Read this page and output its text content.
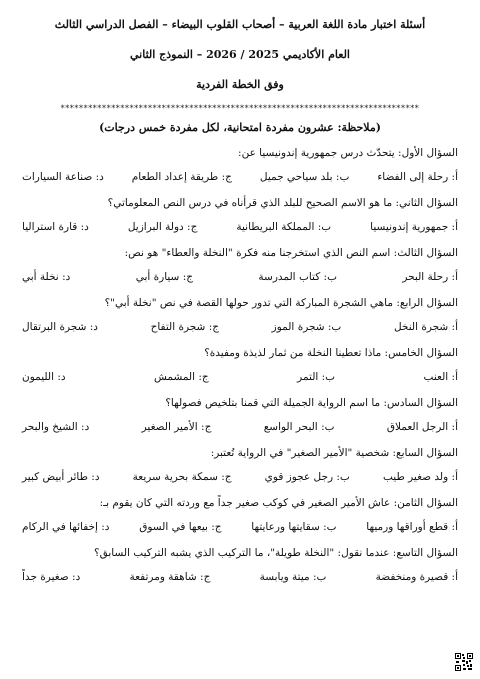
أسئلة اختبار مادة اللغة العربية – أصحاب القلوب البيضاء – الفصل الدراسي الثالث
العام الأكاديمي 2025 / 2026 – النموذج الثاني
وفق الخطة الفردية
******************************************************************************
(ملاحظة: عشرون مفردة امتحانية، لكل مفردة خمس درجات)
السؤال الأول: يتحدّث درس جمهورية إندونيسيا عن:
أ: رحلة إلى الفضاء
ب: بلد سياحي جميل
ج: طريقة إعداد الطعام
د: صناعة السيارات
السؤال الثاني: ما هو الاسم الصحيح للبلد الذي قرأناه في درس النص المعلوماتي؟
أ: جمهورية إندونيسيا
ب: المملكة البريطانية
ج: دولة البرازيل
د: قارة استراليا
السؤال الثالث: اسم النص الذي استخرجنا منه فكرة "النخلة والعطاء" هو نص:
أ: رحلة البحر
ب: كتاب المدرسة
ج: سيارة أبي
د: نخلة أبي
السؤال الرابع: ماهي الشجرة المباركة التي تدور حولها القصة في نص "نخلة أبي"؟
أ: شجرة النخل
ب: شجرة الموز
ج: شجرة التفاح
د: شجرة البرتقال
السؤال الخامس: ماذا تعطينا النخلة من ثمار لذيذة ومفيدة؟
أ: العنب
ب: التمر
ج: المشمش
د: الليمون
السؤال السادس: ما اسم الرواية الجميلة التي قمنا بتلخيص فصولها؟
أ: الرجل العملاق
ب: البحر الواسع
ج: الأمير الصغير
د: الشيخ والبحر
السؤال السابع: شخصية "الأمير الصغير" في الرواية تُعتبر:
أ: ولد صغير طيب
ب: رجل عجوز قوي
ج: سمكة بحرية سريعة
د: طائر أبيض كبير
السؤال الثامن: عاش الأمير الصغير في كوكب صغير جداً مع وردته التي كان يقوم بـ:
أ: قطع أوراقها ورميها
ب: سقايتها ورعايتها
ج: بيعها في السوق
د: إخفائها في الركام
السؤال التاسع: عندما نقول: "النخلة طويلة"، ما التركيب الذي يشبه التركيب السابق؟
أ: قصيرة ومنخفضة
ب: ميتة ويابسة
ج: شاهقة ومرتفعة
د: صغيرة جداً
